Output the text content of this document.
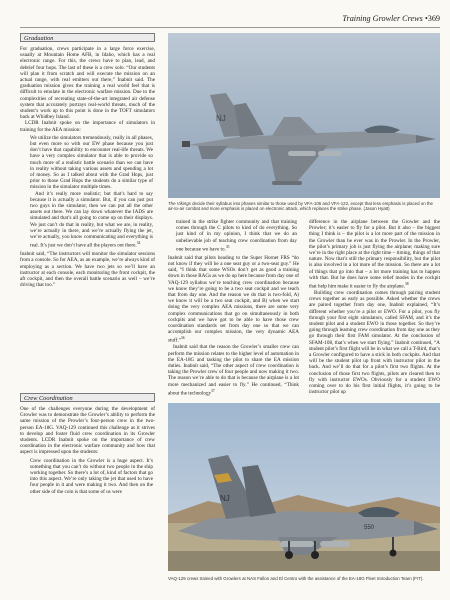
Training Growler Crews •369
Graduation

For graduation, crews participate in a large force exercise, usually at Mountain Home AFB, in Idaho, which has a real electronic range. For this, the crews have to plan, lead, and debrief four hops. The last of these is a crew solo. “Our students will plan it from scratch and will execute the mission on an actual range, with real emitters out there,” Inabnit said. The graduation mission gives the training a real world feel that is difficult to emulate in the electronic warfare mission. Due to the complexities of recreating state-of-the-art integrated air defense system that accurately portrays real-world threats, much of the student’s work up to this point is done in the TOFT simulators back at Whidbey Island.

LCDR Inabnit spoke on the importance of simulators in training for the AEA mission:

We utilize the simulators tremendously, really in all phases, but even more so with our EW phase because you just don’t have that capability to encounter real-life threats. We have a very complex simulator that is able to provide so much more of a realistic battle scenario than we can have in reality without taking various assets and spending a lot of money. So as I talked about with the Grad Hops, just prior to those Grad Hops the students do a similar type of mission in the simulator multiple times.

And it’s really more realistic; but that’s hard to say because it is actually a simulator. But, if you can just put two guys in the simulator, then we can put all the other assets out there. We can lay down whatever the IADS are simulated and that’s all going to come up on their displays. We just can’t do that in reality, but what we are, in reality, we’re actually in there, and we’re actually flying the jet, we’re actually, you know communicating and everything is real. It’s just we don’t have all the players out there.$^{34}$

Inabnit said, “The instructors will monitor the simulator sessions from a console. So for AEA, as an example, we’re always kind of employing as a section. We have two jets so we’ll have an instructor at each console, each monitoring the front cockpit, the aft cockpit, and then the overall battle scenario as well – we’re driving that too.”

Crew Coordination

One of the challenges everyone during the development of Growler was to demonstrate the Growler’s ability to perform the same mission of the Prowler’s four-person crew in the two-person EA-18G. VAQ-129 continued this challenge as it strives to develop and foster fluid crew coordination in its Growler students. LCDR Inabnit spoke on the importance of crew coordination in the electronic warfare community and how that aspect is impressed upon the students:

Crew coordination in the Growler is a huge aspect. It’s something that you can’t do without two people in the ship working together. So there’s a lot of, kind of factors that go into this aspect. We’re only taking the jet that used to have four people in it and were making it two. And then on the other side of the coin is that some of us were

NJ
The Vikings decide their syllabus into phases similar to those used by VFA-106 and VFA-122, except that less emphasis is placed on the air-to-air combat and more emphasis is placed on electronic attack, which replaces the strike phase. (Jason Hyatt)

trained in the strike fighter community and that training comes through the C pilots to kind of do everything. So just kind of in my opinion, I think that we do an unbelievable job of teaching crew coordination from day one because we have to.$^{35}$

Inabnit said that pilots heading to the Super Hornet FRS “do not know if they will be a one seat guy or a two-seat guy.” He said, “I think that some WSOs don’t get as good a training down in those RAGs as we do up here because from day one of VAQ-129 syllabus we’re teaching crew coordination because we know they’re going to be a two seat cockpit and we teach that from day one. And the reason we do that is two-fold, A) we know it will be a two seat cockpit, and B) when we start doing the very complex AEA missions, there are some very complex communications that go on simultaneously in both cockpits and we have got to be able to have those crew coordination standards set from day one so that we can accomplish our complex mission, the very dynamic AEA stuff.”$^{36}$

Inabnit said that the reason the Growler’s smaller crew can perform the mission relates to the higher level of automation in the EA-18G and tasking the pilot to share the EA mission duties. Inabnit said, “The other aspect of crew coordination is taking the Prowler crew of four people and now making it two. The reason we’re able to do that is because the airplane is a lot more mechanized and easier to fly.” He continued, “Think about the technology$^{37}$

difference in the airplane between the Growler and the Prowler; it’s easier to fly for a pilot. But it also – the biggest thing I think is – the pilot is a lot more part of the mission in the Growler than he ever was in the Prowler. In the Prowler, the pilot’s primary job is just flying the airplane; making sure we’re in the right place at the right time – timing, things of that nature. Now that’s still the primary responsibility, but the pilot is also involved in a lot more of the mission. So there are a lot of things that go into that – a lot more training has to happen with that. But he does have some relief modes in the cockpit that help him make it easier to fly the airplane.$^{38}$

Building crew coordination comes through pairing student crews together as early as possible. Asked whether the crews are paired together from day one, Inabnit explained, “It’s different whether you’re a pilot or EWO. For a pilot, you fly through your first eight simulators, called SFAM, and it’s the student pilot and a student EWO in those together. So they’re going through learning crew coordination from day one as they go through their first FAM simulator. At the conclusion of SFAM-108, that’s when we start flying.” Inabnit continued, “A student pilot’s first flight will be in what we call a T-Bird, that’s a Growler configured to have a stick in both cockpits. And that will be the student pilot up front with instructor pilot in the back. And we’ll do that for a pilot’s first two flights. At the conclusion of those first two flights, pilots are cleared then to fly with instructor EWOs. Obviously for a student EWO coming over to do his first initial flights, it’s going to be instructor pilot up

NJ
550
VAQ-129 crews trained with Growlers at NAS Fallon and El Centro with the assistance of the EA-18G Fleet Introduction Team (FIT).
